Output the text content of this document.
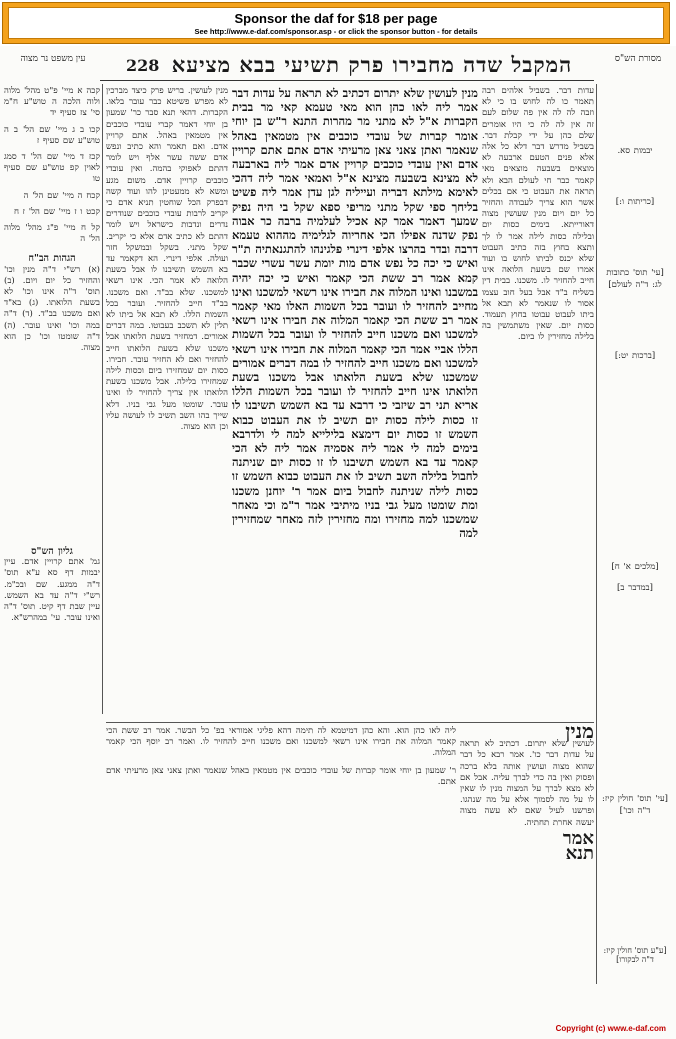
Sponsor the daf for $18 per page
See http://www.e-daf.com/sponsor.asp - or click the sponsor button - for details
עין משפט נר מצוה	228 המקבל שדה מחבירו פרק תשיעי בבא מציעא	מסורת הש"ס
קכה א מיי' פ"ט מהל' מלוה ולוה הלכה ה טוש"ע ח"מ סי' צז סעיף יד
קכו ב ג מיי' שם הל' ב ה טוש"ע שם סעיף ז
קכז ד מיי' שם הל' ד סמג לאוין קפ טוש"ע שם סעיף טו
קכח ה מיי' שם הל' ה
קכט ו ז מיי' שם הל' ז ח
קל ח מיי' פ"ג מהל' מלוה הל' ה
הגהות הב"ח
(א) רש"י ד"ה מנין וכו' והחזיר כל יום ויום. (ב) תוס' ד"ה אינו וכו' לא בשעת הלואתו. (ג) בא"ד ואם משכנו בב"ד. (ד) ד"ה במה וכו' ואינו עובר. (ה) ד"ה שומטו וכו' כן הוא מצוה.
גליון הש"ס
גמ' אתם קרויין אדם. עיין יבמות דף סא ע"א תוס' ד"ה ממגע. שם ובכ"מ. רש"י ד"ה עד בא השמש. עיין שבת דף קיט. תוס' ד"ה ואינו עובר. עי' במהרש"א.
מנין לעושין. בריש פרק כיצד מברכין לא מפרש פשיטא כבר עובר בלאו. הקברות. דהאי תנא סבר כר' שמעון בן יוחי דאמר קברי עובדי כוכבים אין מטמאין באהל. אתם קרויין אדם. ואם תאמר והא כתיב ונפש אדם ששה עשר אלף ויש לומר דהתם לאפוקי בהמה. ואין עובדי כוכבים קרויין אדם. משום מגע ומשא לא ממעטינן להו ועוד קשה דבפרק הכל שוחטין תניא אדם כי יקריב לרבות עובדי כוכבים שנודרים נדרים ונדבות כישראל ויש לומר דהתם לא כתיב אדם אלא כי יקריב. שקל מתני. בשקל ובמשקל חזר ועולה. אלפי דינרי. הא דקאמר עד בא השמש תשיבנו לו אבל בשעת הלואה לא אמר הכי. אינו רשאי למשכנו. שלא בב"ד. ואם משכנו. בב"ד חייב להחזיר. ועובר בכל השמות הללו. לא תבא אל ביתו לא תלין לא תשכב בעבוטו. במה דברים אמורים. דמחזיר בשעת הלואתו אבל משכנו שלא בשעת הלואתו חייב להחזיר ואם לא החזיר עובר. חבירו. כסות יום שמחזירו ביום וכסות לילה שמחזירו בלילה. אבל משכנו בשעת הלואתו אין צריך להחזיר לו ואינו עובר. שומטו מעל גבי בניו. דלא שייך בהו השב תשיב לו לעושה עליו וכן הוא מצוה.
מנין לעושין שלא יתרום דכתיב לא תראה על עדות דבר אמר ליה לאו כהן הוא מאי טעמא קאי מר בבית הקברות א"ל לא מתני מר מהרות התנא ר"ש בן יוחי אומר קברות של עובדי כוכבים אין מטמאין באהל שנאמר ואתן צאני צאן מרעיתי אדם אתם אתם קרויין אדם ואין עובדי כוכבים קרויין אדם אמר ליה בארבעה לא מצינא בשבעה מצינא א"ל ואמאי אמר ליה דהכי לאימא מילתא דבריה ועייליה לגן עדן אמר ליה פשיט בליחך ספי שקל מתני מריפי ספא שקל בי היה נפיק שמעך דאמר אמר קא אכיל לעלמיה ברבה כר אבוה נפק שדנה אפילו הכי אחריוה לגלימיה מההוא טעמא דרבה ובדר בהרצו אלפי דינרי פלגינהו להתגנאתיה ת"ר ואיש כי יכה כל נפש אדם מות יומת עשר עשרי שכבר קמא אמר רב ששת הכי קאמר ואיש כי יכה יהיה במשבנו ואינו המלוה את חבירו אינו רשאי למשכנו ואינו מחייב להחזיר לו ועובר בכל השמות האלו מאי קאמר אמר רב ששת הכי קאמר המלוה את חבירו אינו רשאי למשכנו ואם משכנו חייב להחזיר לו ועובר בכל השמות הללו אביי אמר הכי קאמר המלוה את חבירו אינו רשאי למשכנו ואם משכנו חייב להחזיר לו במה דברים אמורים שמשכנו שלא בשעת הלואתו אבל משכנו בשעת הלואתו אינו חייב להחזיר לו ועובר בכל השמות הללו אריא תני רב שיזבי כי דרבא עד בא השמש תשיבנו לו זו כסות לילה כסות יום תשיב לו את העבוט כבוא השמש זו כסות יום דימצא בלילייא למה לי ולדרבא בימים למה לי אמר ליה אסמיה אמר ליה לא הכי קאמר עד בא השמש תשיבנו לו זו כסות יום שניתנה לחבול בלילה השב תשיב לו את העבוט כבוא השמש זו כסות לילה שניתנה לחבול ביום אמר ר' יוחנן משכנו ומת שומטו מעל גבי בניו מיתיבי אמר ר"מ וכי מאחר שמשכנו למה מחזירו ומה מחזירין לזה מאחר שמחזירין למה
עדות דבר. בשביל אלהים רבה תאמר כו לה לחוש בו כי לא וזבה לה לה אין פה שלום לעם זה אין לה לה כי היו אומרים שלם כהן על ידי קבלת דבר. בשביל מדרש דבר דלא כל אלה אלא פנים הטעם ארבעה לא מוצאים בשבעה מוצאים מאי קאמר כבר חי לעולם הבא ולא תראה את העבוט כי אם בכלים אשר הוא צריך לעבודה והחזיר כל יום ויום מנין שעושין מצוה דאורייתא. בימים כסות יום ובלילה כסות לילה אמר לו לך ותצא בחוץ בזה כתיב העבוט שלא יכנס לביתו לחוש בו ועוד אמרו שם בשעת הלואה אינו חייב להחזיר לו. משכנו. בבית דין בשליח ב"ד אבל בעל חוב עצמו אסור לו שנאמר לא תבא אל ביתו לעבוט עבוטו בחוץ תעמוד. כסות יום. שאין משתמשין בה בלילה מחזירין לו ביום.
יבמות סא.
[כריתות ו:]
[עי' תוס' כתובות לג: ד"ה לעולם]
[ברכות יט:]
[מלכים א' ח]
[במדבר ב]
[עי' תוס' חולין קיז: ד"ה וכו']
ליה לאו כהן הוא. והא כהן דמיטמא לה תימה דהא פליגי אמוראי בפ' כל הבשר. אמר רב ששת הכי קאמר המלוה את חבירו אינו רשאי למשכנו ואם משכנו חייב להחזיר לו. ואמר רב יוסף הכי קאמר המלוה.
ר' שמעון בן יוחי אומר קברות של עובדי כוכבים אין מטמאין באהל שנאמר ואתן צאני צאן מרעיתי אדם אתם.
מנין
לעושין שלא יתרום. דכתיב לא תראה על עדות דבר כו'. אמר רבא כל דבר שהוא מצוה ועושין אותה בלא ברכה ופסוק ואין בה כדי לברך עליה. אבל אם לא מצא לברך על המצוה מנין לו שאין לו על מה לסמוך אלא על מה שנהגו. ופרשנו לעיל שאם לא עשה מצוה יעשה אחרת תחתיה.
אמר
תנא
[ע"ע תוס' חולין קיז: ד"ה לבקורו]
Copyright (c) www.e-daf.com
